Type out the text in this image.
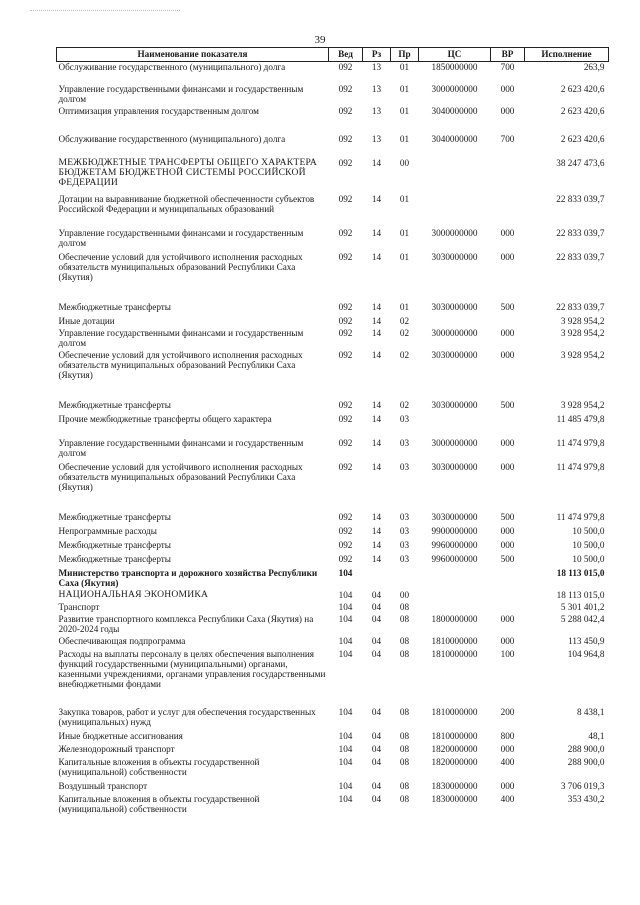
39
Наименование показателя	Вед	Рз	Пр	ЦС	ВР	Исполнение
Обслуживание государственного (муниципального) долга	092	13	01	1850000000	700	263,9
Управление государственными финансами и государственным долгом	092	13	01	3000000000	000	2 623 420,6
Оптимизация управления государственным долгом	092	13	01	3040000000	000	2 623 420,6
Обслуживание государственного (муниципального) долга	092	13	01	3040000000	700	2 623 420,6
МЕЖБЮДЖЕТНЫЕ ТРАНСФЕРТЫ ОБЩЕГО ХАРАКТЕРА БЮДЖЕТАМ БЮДЖЕТНОЙ СИСТЕМЫ РОССИЙСКОЙ ФЕДЕРАЦИИ	092	14	00			38 247 473,6
Дотации на выравнивание бюджетной обеспеченности субъектов Российской Федерации и муниципальных образований	092	14	01			22 833 039,7
Управление государственными финансами и государственным долгом	092	14	01	3000000000	000	22 833 039,7
Обеспечение условий для устойчивого исполнения расходных обязательств муниципальных образований Республики Саха (Якутия)	092	14	01	3030000000	000	22 833 039,7
Межбюджетные трансферты	092	14	01	3030000000	500	22 833 039,7
Иные дотации	092	14	02			3 928 954,2
Управление государственными финансами и государственным долгом	092	14	02	3000000000	000	3 928 954,2
Обеспечение условий для устойчивого исполнения расходных обязательств муниципальных образований Республики Саха (Якутия)	092	14	02	3030000000	000	3 928 954,2
Межбюджетные трансферты	092	14	02	3030000000	500	3 928 954,2
Прочие межбюджетные трансферты общего характера	092	14	03			11 485 479,8
Управление государственными финансами и государственным долгом	092	14	03	3000000000	000	11 474 979,8
Обеспечение условий для устойчивого исполнения расходных обязательств муниципальных образований Республики Саха (Якутия)	092	14	03	3030000000	000	11 474 979,8
Межбюджетные трансферты	092	14	03	3030000000	500	11 474 979,8
Непрограммные расходы	092	14	03	9900000000	000	10 500,0
Межбюджетные трансферты	092	14	03	9960000000	000	10 500,0
Межбюджетные трансферты	092	14	03	9960000000	500	10 500,0
Министерство транспорта и дорожного хозяйства Республики Саха (Якутия)	104					18 113 015,0
НАЦИОНАЛЬНАЯ ЭКОНОМИКА	104	04	00			18 113 015,0
Транспорт	104	04	08			5 301 401,2
Развитие транспортного комплекса Республики Саха (Якутия) на 2020-2024 годы	104	04	08	1800000000	000	5 288 042,4
Обеспечивающая подпрограмма	104	04	08	1810000000	000	113 450,9
Расходы на выплаты персоналу в целях обеспечения выполнения функций государственными (муниципальными) органами, казенными учреждениями, органами управления государственными внебюджетными фондами	104	04	08	1810000000	100	104 964,8
Закупка товаров, работ и услуг для обеспечения государственных (муниципальных) нужд	104	04	08	1810000000	200	8 438,1
Иные бюджетные ассигнования	104	04	08	1810000000	800	48,1
Железнодорожный транспорт	104	04	08	1820000000	000	288 900,0
Капитальные вложения в объекты государственной (муниципальной) собственности	104	04	08	1820000000	400	288 900,0
Воздушный транспорт	104	04	08	1830000000	000	3 706 019,3
Капитальные вложения в объекты государственной (муниципальной) собственности	104	04	08	1830000000	400	353 430,2
